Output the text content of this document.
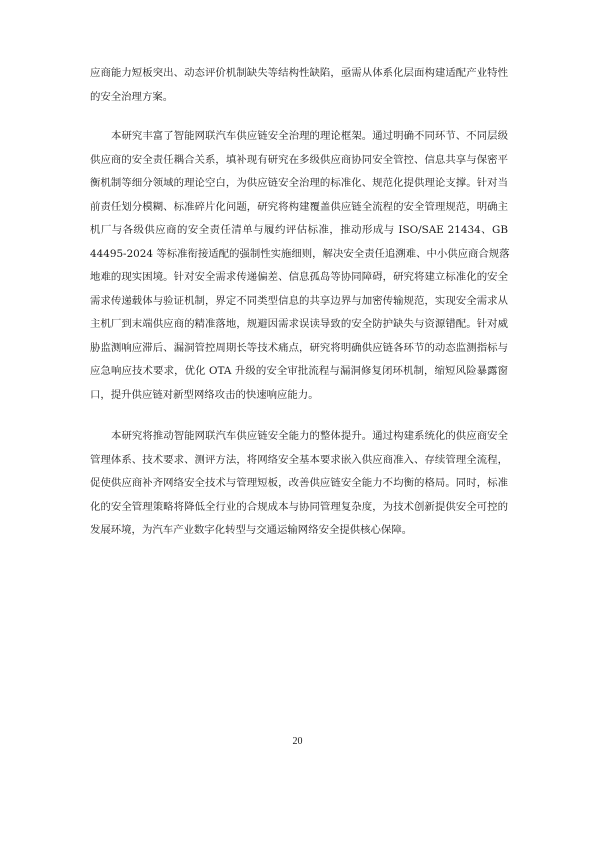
应商能力短板突出、动态评价机制缺失等结构性缺陷，亟需从体系化层面构建适配产业特性
的安全治理方案。
本研究丰富了智能网联汽车供应链安全治理的理论框架。通过明确不同环节、不同层级
供应商的安全责任耦合关系，填补现有研究在多级供应商协同安全管控、信息共享与保密平
衡机制等细分领域的理论空白，为供应链安全治理的标准化、规范化提供理论支撑。针对当
前责任划分模糊、标准碎片化问题，研究将构建覆盖供应链全流程的安全管理规范，明确主
机厂与各级供应商的安全责任清单与履约评估标准，推动形成与 ISO/SAE 21434、GB
44495-2024 等标准衔接适配的强制性实施细则，解决安全责任追溯难、中小供应商合规落
地难的现实困境。针对安全需求传递偏差、信息孤岛等协同障碍，研究将建立标准化的安全
需求传递载体与验证机制，界定不同类型信息的共享边界与加密传输规范，实现安全需求从
主机厂到末端供应商的精准落地，规避因需求误读导致的安全防护缺失与资源错配。针对威
胁监测响应滞后、漏洞管控周期长等技术痛点，研究将明确供应链各环节的动态监测指标与
应急响应技术要求，优化 OTA 升级的安全审批流程与漏洞修复闭环机制，缩短风险暴露窗
口，提升供应链对新型网络攻击的快速响应能力。
本研究将推动智能网联汽车供应链安全能力的整体提升。通过构建系统化的供应商安全
管理体系、技术要求、测评方法，将网络安全基本要求嵌入供应商准入、存续管理全流程，
促使供应商补齐网络安全技术与管理短板，改善供应链安全能力不均衡的格局。同时，标准
化的安全管理策略将降低全行业的合规成本与协同管理复杂度，为技术创新提供安全可控的
发展环境，为汽车产业数字化转型与交通运输网络安全提供核心保障。
20
